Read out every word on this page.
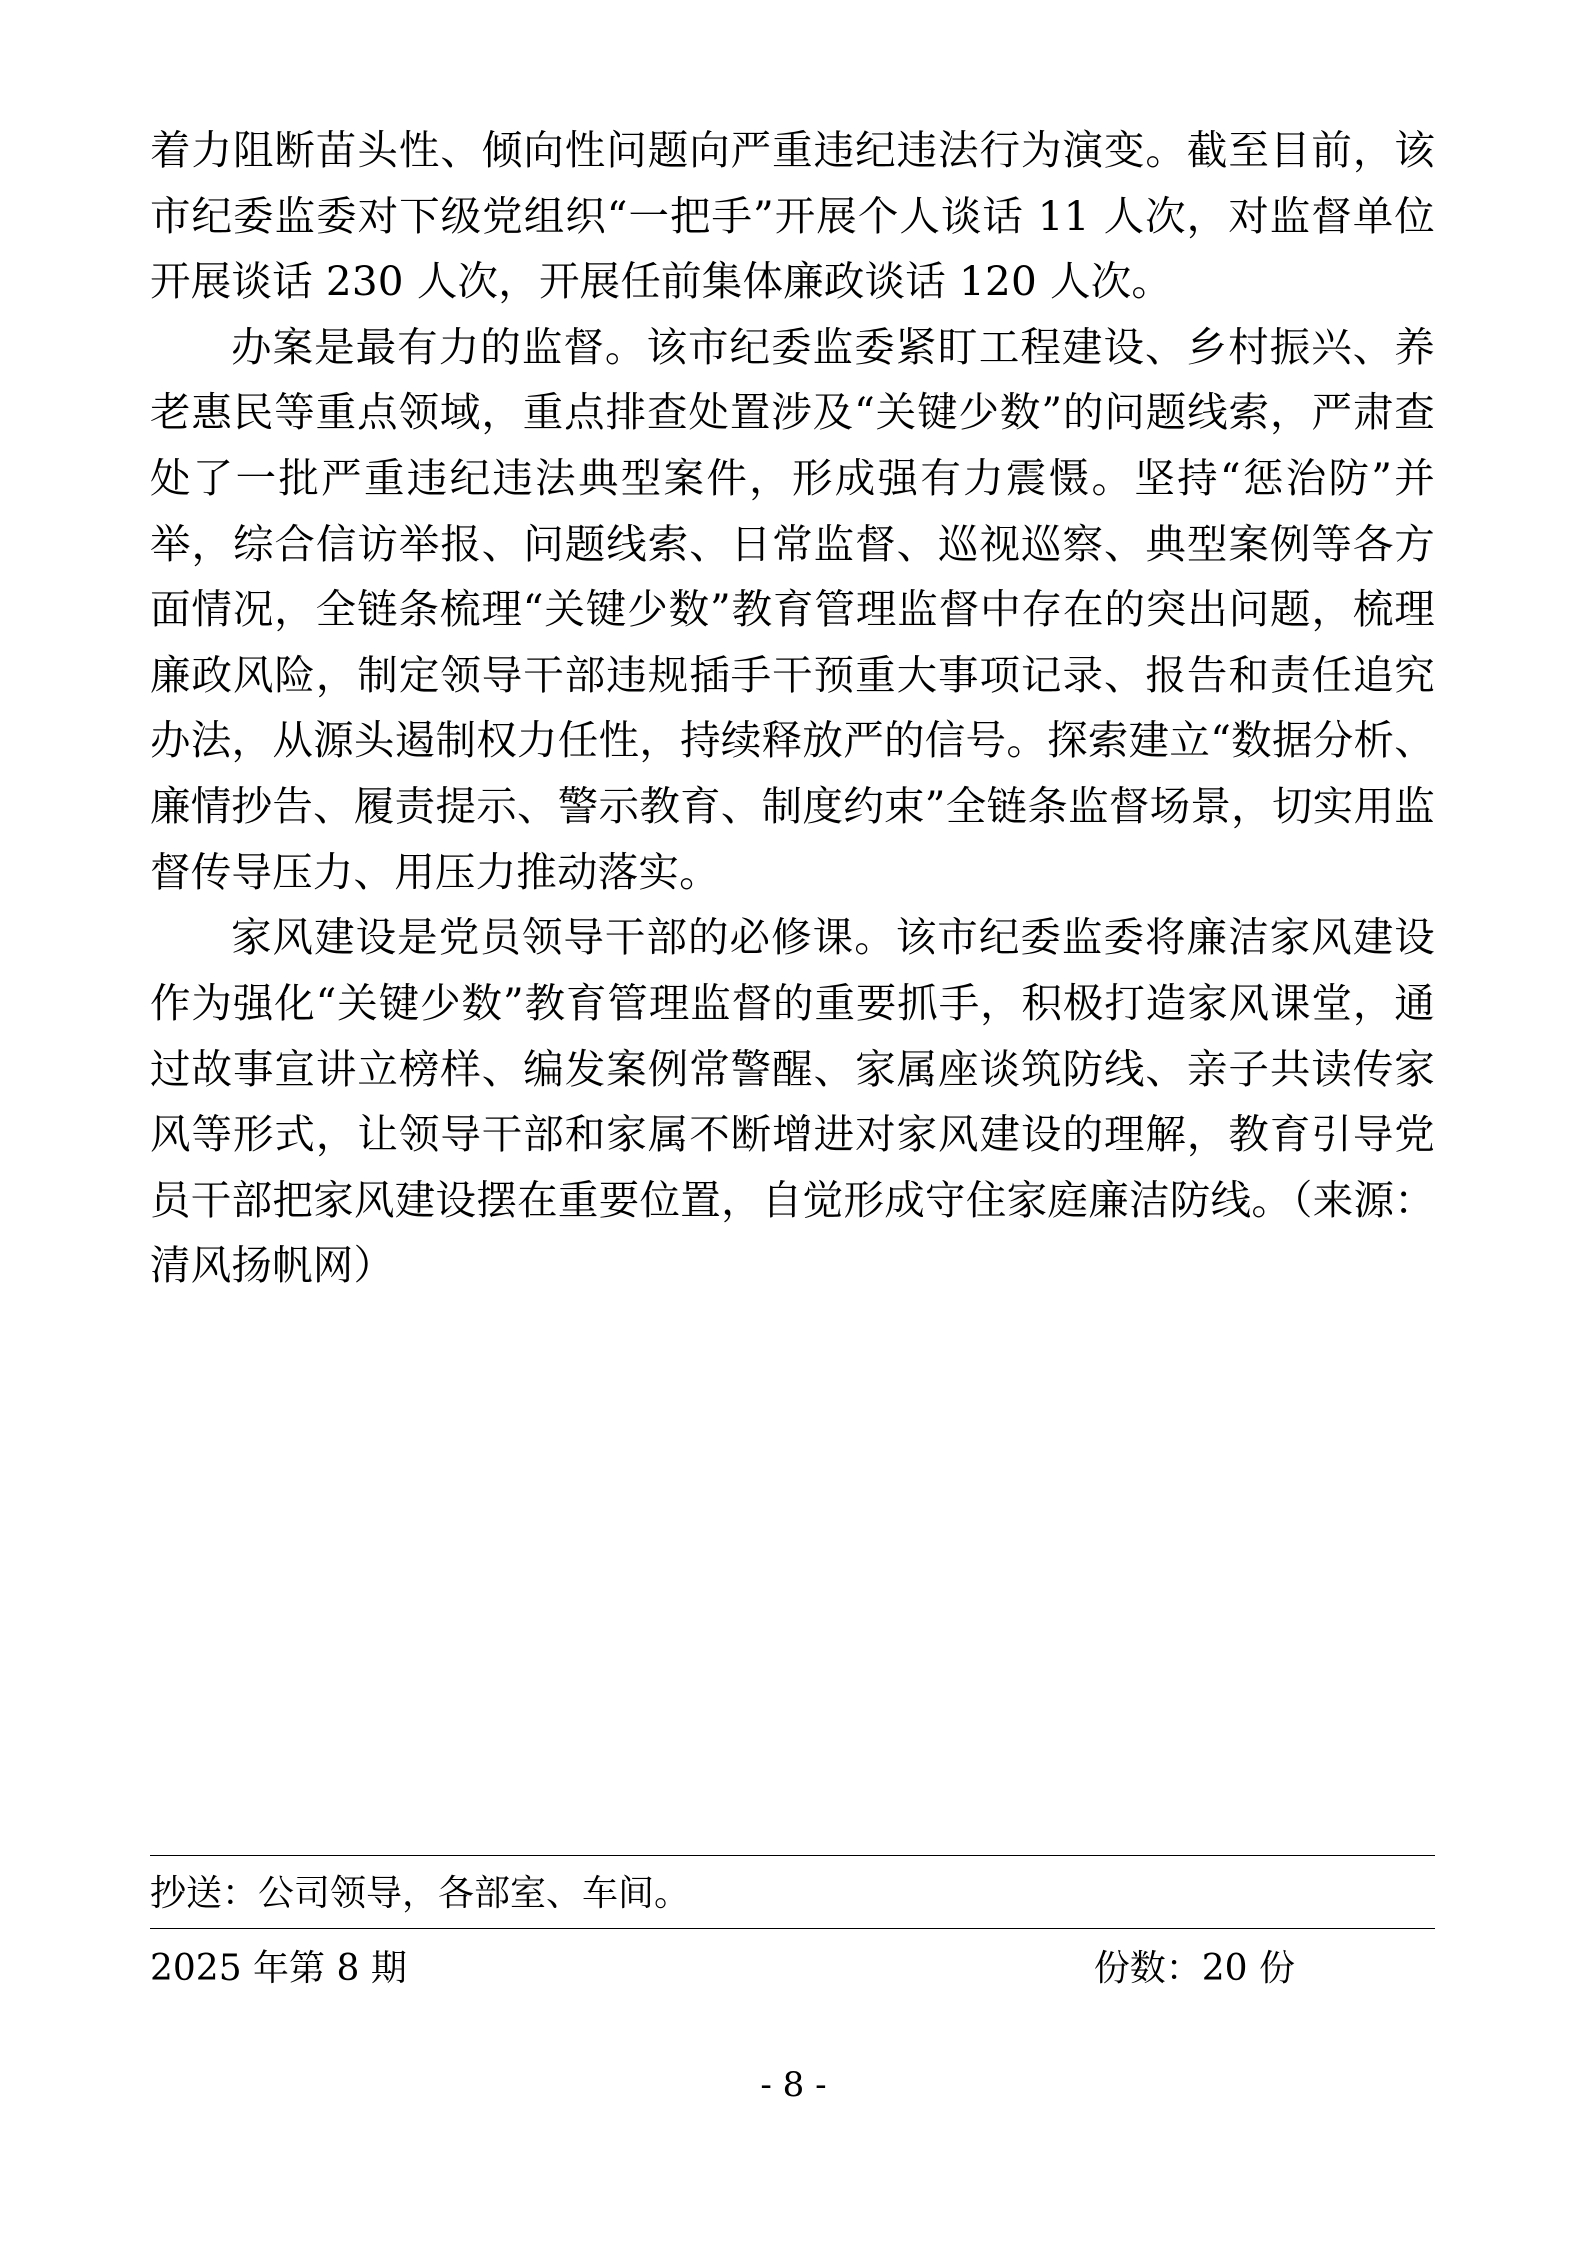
着力阻断苗头性、倾向性问题向严重违纪违法行为演变。截至目前，该市纪委监委对下级党组织“一把手”开展个人谈话 11 人次，对监督单位开展谈话 230 人次，开展任前集体廉政谈话 120 人次。

办案是最有力的监督。该市纪委监委紧盯工程建设、乡村振兴、养老惠民等重点领域，重点排查处置涉及“关键少数”的问题线索，严肃查处了一批严重违纪违法典型案件，形成强有力震慑。坚持“惩治防”并举，综合信访举报、问题线索、日常监督、巡视巡察、典型案例等各方面情况，全链条梳理“关键少数”教育管理监督中存在的突出问题，梳理廉政风险，制定领导干部违规插手干预重大事项记录、报告和责任追究办法，从源头遏制权力任性，持续释放严的信号。探索建立“数据分析、廉情抄告、履责提示、警示教育、制度约束”全链条监督场景，切实用监督传导压力、用压力推动落实。

家风建设是党员领导干部的必修课。该市纪委监委将廉洁家风建设作为强化“关键少数”教育管理监督的重要抓手，积极打造家风课堂，通过故事宣讲立榜样、编发案例常警醒、家属座谈筑防线、亲子共读传家风等形式，让领导干部和家属不断增进对家风建设的理解，教育引导党员干部把家风建设摆在重要位置，自觉形成守住家庭廉洁防线。（来源：清风扬帆网）

抄送：公司领导，各部室、车间。
2025 年第 8 期	份数：20 份
- 8 -
